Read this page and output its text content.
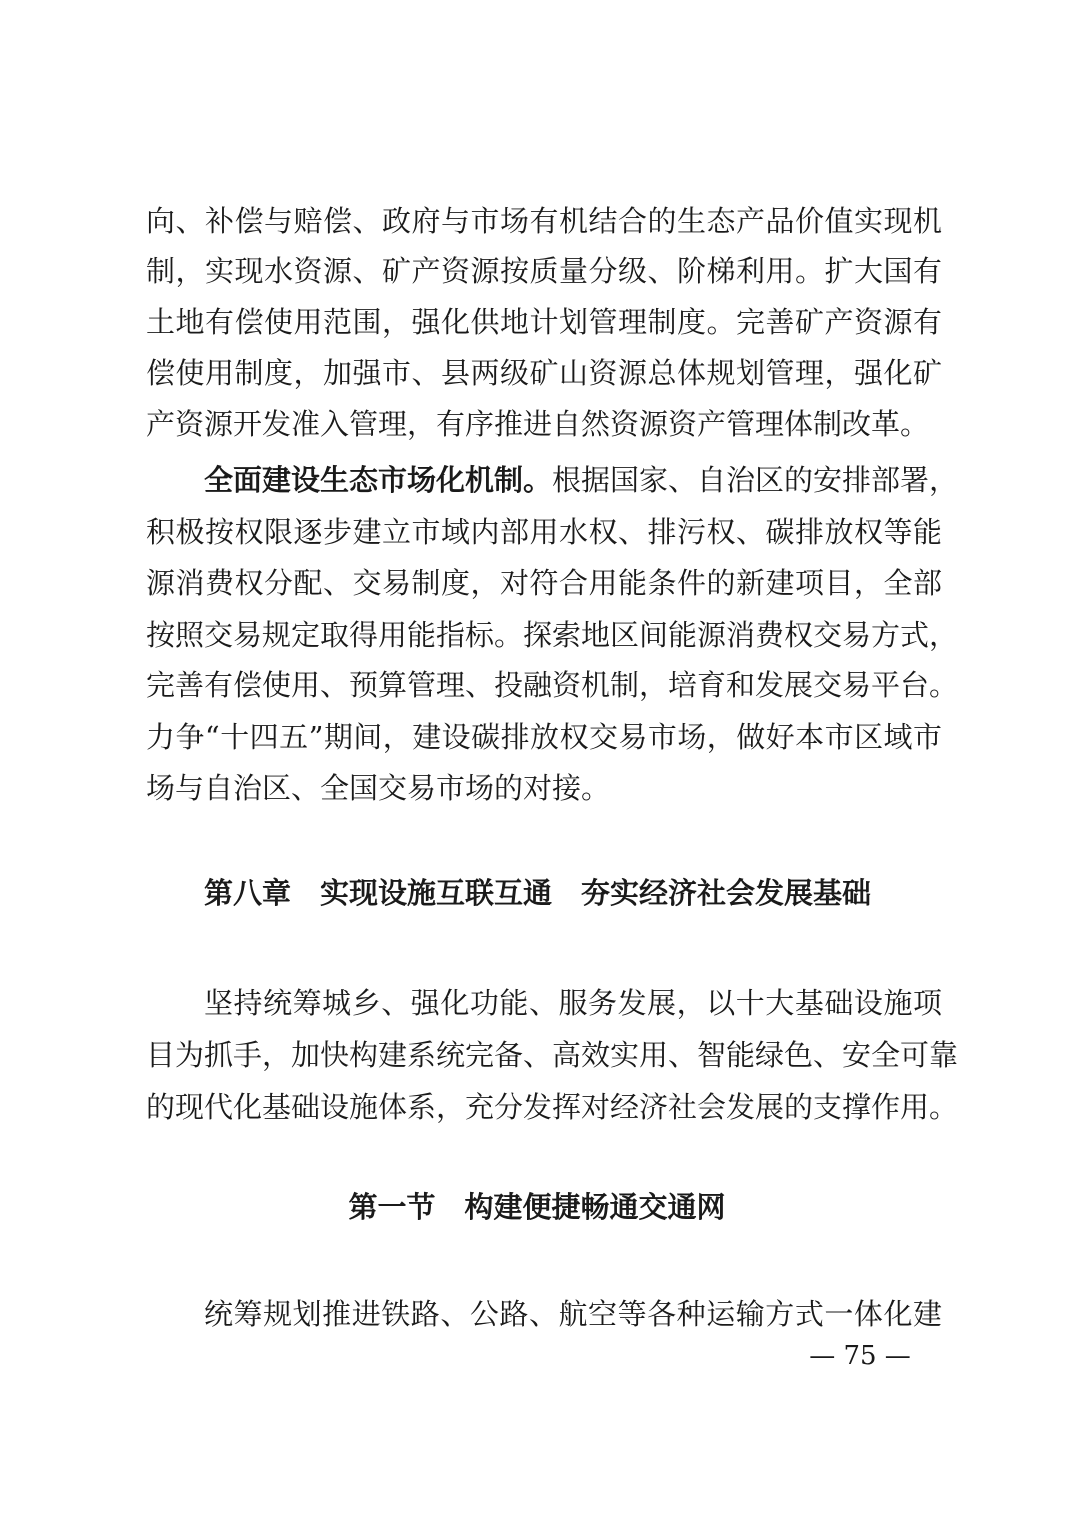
向、补偿与赔偿、政府与市场有机结合的生态产品价值实现机
制，实现水资源、矿产资源按质量分级、阶梯利用。扩大国有
土地有偿使用范围，强化供地计划管理制度。完善矿产资源有
偿使用制度，加强市、县两级矿山资源总体规划管理，强化矿
产资源开发准入管理，有序推进自然资源资产管理体制改革。
全面建设生态市场化机制。根据国家、自治区的安排部署，
积极按权限逐步建立市域内部用水权、排污权、碳排放权等能
源消费权分配、交易制度，对符合用能条件的新建项目，全部
按照交易规定取得用能指标。探索地区间能源消费权交易方式，
完善有偿使用、预算管理、投融资机制，培育和发展交易平台。
力争“十四五”期间，建设碳排放权交易市场，做好本市区域市
场与自治区、全国交易市场的对接。
第八章　实现设施互联互通　夯实经济社会发展基础
坚持统筹城乡、强化功能、服务发展，以十大基础设施项
目为抓手，加快构建系统完备、高效实用、智能绿色、安全可靠
的现代化基础设施体系，充分发挥对经济社会发展的支撑作用。
第一节　构建便捷畅通交通网
统筹规划推进铁路、公路、航空等各种运输方式一体化建
— 75 —
